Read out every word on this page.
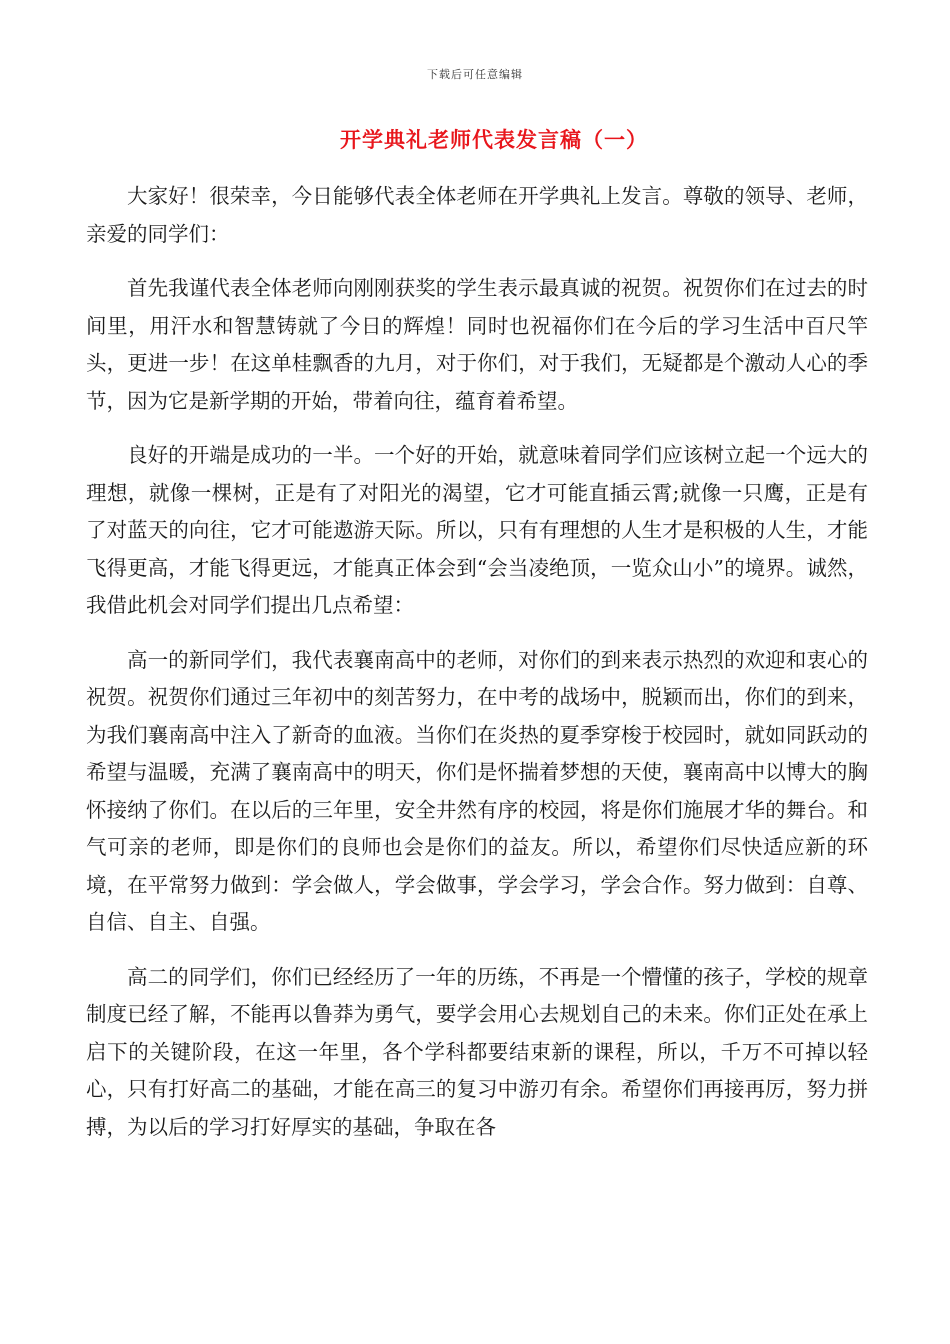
下载后可任意编辑
开学典礼老师代表发言稿（一）

大家好！很荣幸，今日能够代表全体老师在开学典礼上发言。尊敬的领导、老师，亲爱的同学们：

首先我谨代表全体老师向刚刚获奖的学生表示最真诚的祝贺。祝贺你们在过去的时间里，用汗水和智慧铸就了今日的辉煌！同时也祝福你们在今后的学习生活中百尺竿头，更进一步！在这单桂飘香的九月，对于你们，对于我们，无疑都是个激动人心的季节，因为它是新学期的开始，带着向往，蕴育着希望。

良好的开端是成功的一半。一个好的开始，就意味着同学们应该树立起一个远大的理想，就像一棵树，正是有了对阳光的渴望，它才可能直插云霄;就像一只鹰，正是有了对蓝天的向往，它才可能遨游天际。所以，只有有理想的人生才是积极的人生，才能飞得更高，才能飞得更远，才能真正体会到“会当凌绝顶，一览众山小”的境界。诚然，我借此机会对同学们提出几点希望：

高一的新同学们，我代表襄南高中的老师，对你们的到来表示热烈的欢迎和衷心的祝贺。祝贺你们通过三年初中的刻苦努力，在中考的战场中，脱颖而出，你们的到来，为我们襄南高中注入了新奇的血液。当你们在炎热的夏季穿梭于校园时，就如同跃动的希望与温暖，充满了襄南高中的明天，你们是怀揣着梦想的天使，襄南高中以博大的胸怀接纳了你们。在以后的三年里，安全井然有序的校园，将是你们施展才华的舞台。和气可亲的老师，即是你们的良师也会是你们的益友。所以，希望你们尽快适应新的环境，在平常努力做到：学会做人，学会做事，学会学习，学会合作。努力做到：自尊、自信、自主、自强。

高二的同学们，你们已经经历了一年的历练，不再是一个懵懂的孩子，学校的规章制度已经了解，不能再以鲁莽为勇气，要学会用心去规划自己的未来。你们正处在承上启下的关键阶段，在这一年里，各个学科都要结束新的课程，所以，千万不可掉以轻心，只有打好高二的基础，才能在高三的复习中游刃有余。希望你们再接再厉，努力拼搏，为以后的学习打好厚实的基础，争取在各
